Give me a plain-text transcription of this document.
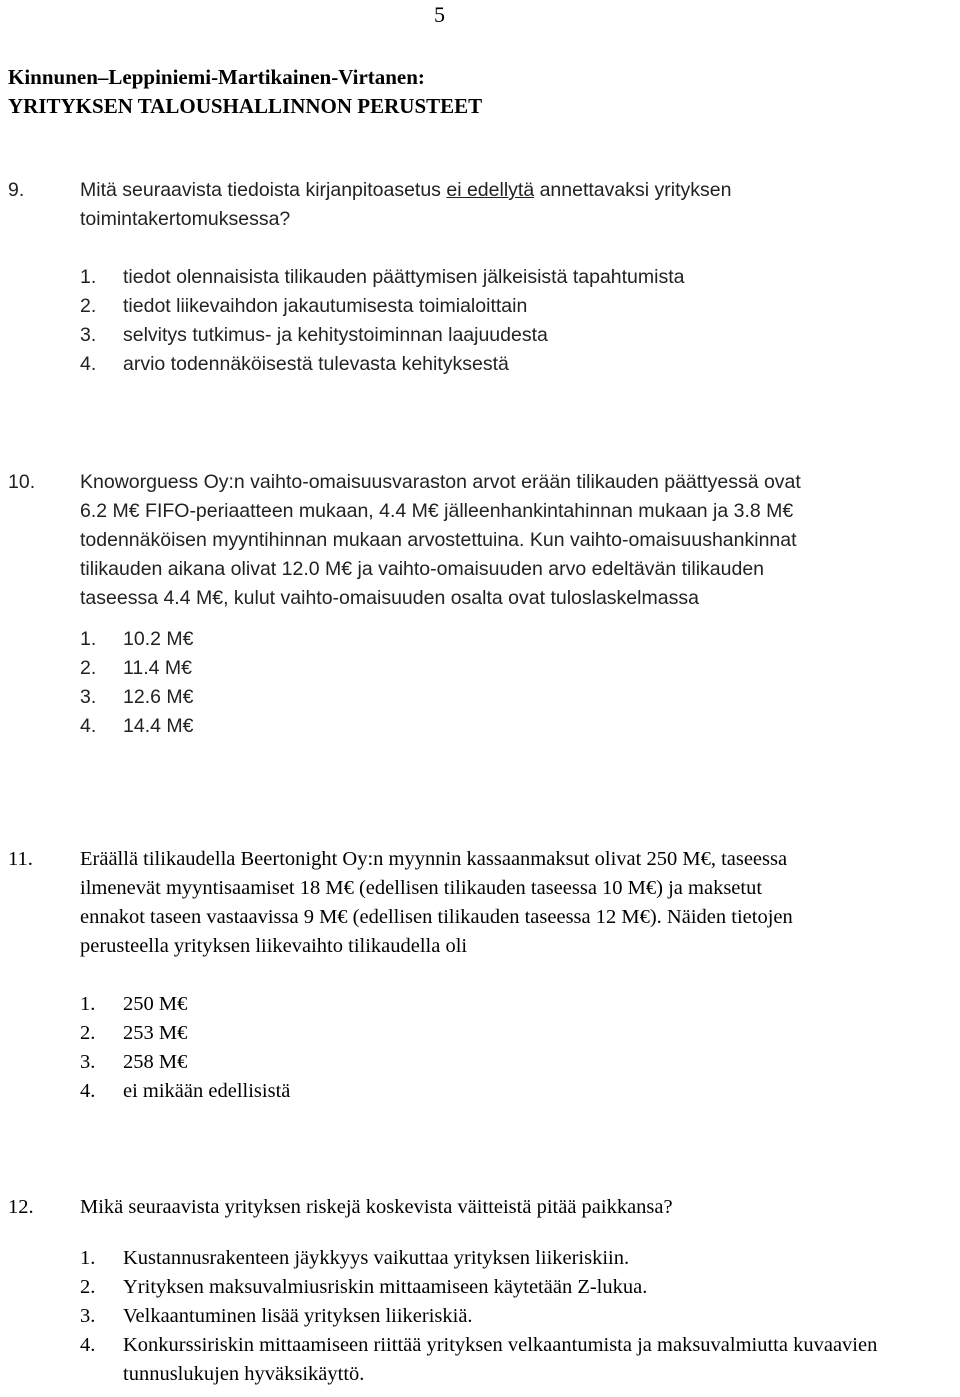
5
Kinnunen–Leppiniemi-Martikainen-Virtanen:
YRITYKSEN TALOUSHALLINNON PERUSTEET
9.	Mitä seuraavista tiedoista kirjanpitoasetus ei edellytä annettavaksi yrityksen toimintakertomuksessa?
1.	tiedot olennaisista tilikauden päättymisen jälkeisistä tapahtumista
2.	tiedot liikevaihdon jakautumisesta toimialoittain
3.	selvitys tutkimus- ja kehitystoiminnan laajuudesta
4.	arvio todennäköisestä tulevasta kehityksestä
10.	Knoworguess Oy:n vaihto-omaisuusvaraston arvot erään tilikauden päättyessä ovat
6.2 M€ FIFO-periaatteen mukaan, 4.4 M€ jälleenhankintahinnan mukaan ja 3.8 M€
todennäköisen myyntihinnan mukaan arvostettuina. Kun vaihto-omaisuushankinnat
tilikauden aikana olivat 12.0 M€ ja vaihto-omaisuuden arvo edeltävän tilikauden
taseessa 4.4 M€, kulut vaihto-omaisuuden osalta ovat tuloslaskelmassa
1.	10.2 M€
2.	11.4 M€
3.	12.6 M€
4.	14.4 M€
11.	Eräällä tilikaudella Beertonight Oy:n myynnin kassaanmaksut olivat 250 M€, taseessa
ilmenevät myyntisaamiset 18 M€ (edellisen tilikauden taseessa 10 M€) ja maksetut
ennakot taseen vastaavissa 9 M€ (edellisen tilikauden taseessa 12 M€). Näiden tietojen
perusteella yrityksen liikevaihto tilikaudella oli
1.	250 M€
2.	253 M€
3.	258 M€
4.	ei mikään edellisistä
12.	Mikä seuraavista yrityksen riskejä koskevista väitteistä pitää paikkansa?
1.	Kustannusrakenteen jäykkyys vaikuttaa yrityksen liikeriskiin.
2.	Yrityksen maksuvalmiusriskin mittaamiseen käytetään Z-lukua.
3.	Velkaantuminen lisää yrityksen liikeriskiä.
4.	Konkurssiriskin mittaamiseen riittää yrityksen velkaantumista ja maksuvalmiutta kuvaavien tunnuslukujen hyväksikäyttö.
